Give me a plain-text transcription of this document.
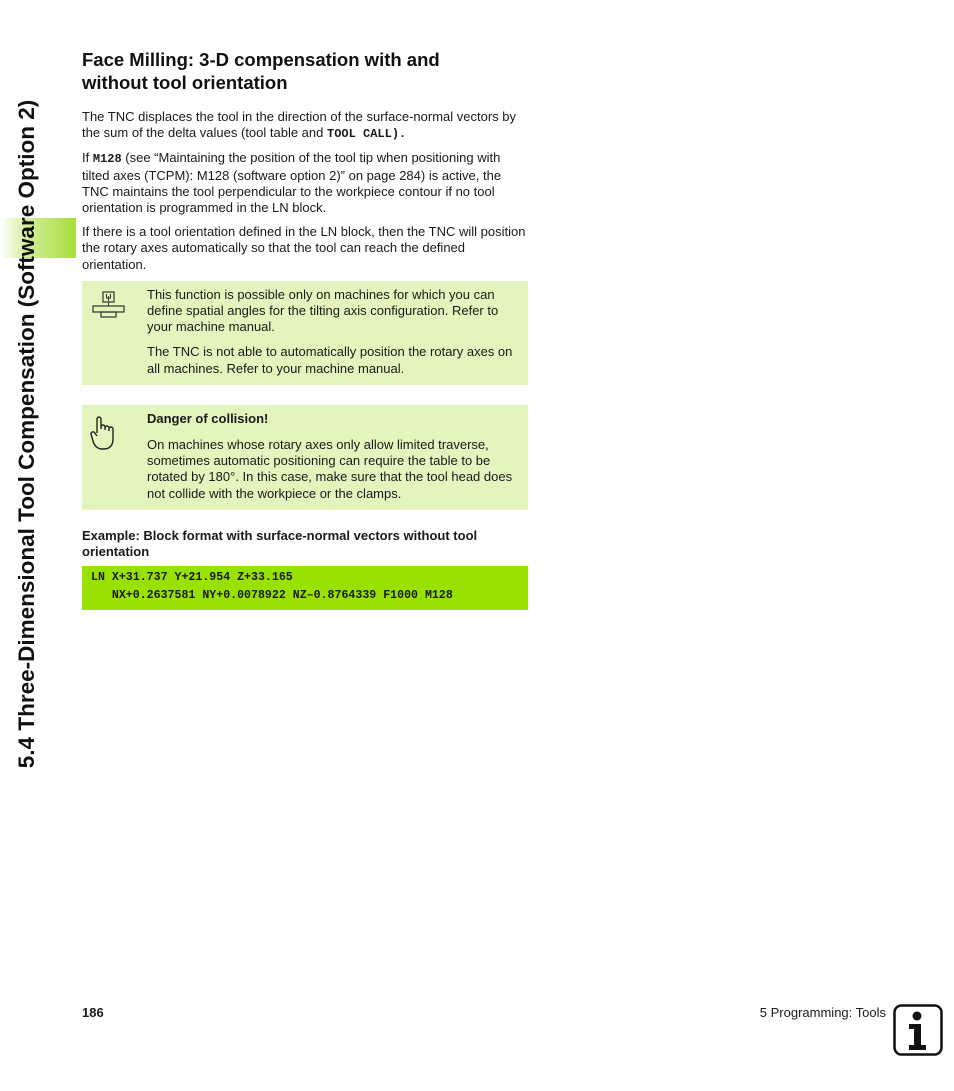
5.4 Three-Dimensional Tool Compensation (Software Option 2)
Face Milling: 3-D compensation with and
without tool orientation

The TNC displaces the tool in the direction of the surface-normal vectors by the sum of the delta values (tool table and TOOL CALL).

If M128 (see “Maintaining the position of the tool tip when positioning with tilted axes (TCPM): M128 (software option 2)” on page 284) is active, the TNC maintains the tool perpendicular to the workpiece contour if no tool orientation is programmed in the LN block.

If there is a tool orientation defined in the LN block, then the TNC will position the rotary axes automatically so that the tool can reach the defined orientation.

This function is possible only on machines for which you can define spatial angles for the tilting axis configuration. Refer to your machine manual.

The TNC is not able to automatically position the rotary axes on all machines. Refer to your machine manual.

Danger of collision!

On machines whose rotary axes only allow limited traverse, sometimes automatic positioning can require the table to be rotated by 180°. In this case, make sure that the tool head does not collide with the workpiece or the clamps.

Example: Block format with surface-normal vectors without tool orientation
LN X+31.737 Y+21.954 Z+33.165
NX+0.2637581 NY+0.0078922 NZ–0.8764339 F1000 M128
186	5 Programming: Tools
